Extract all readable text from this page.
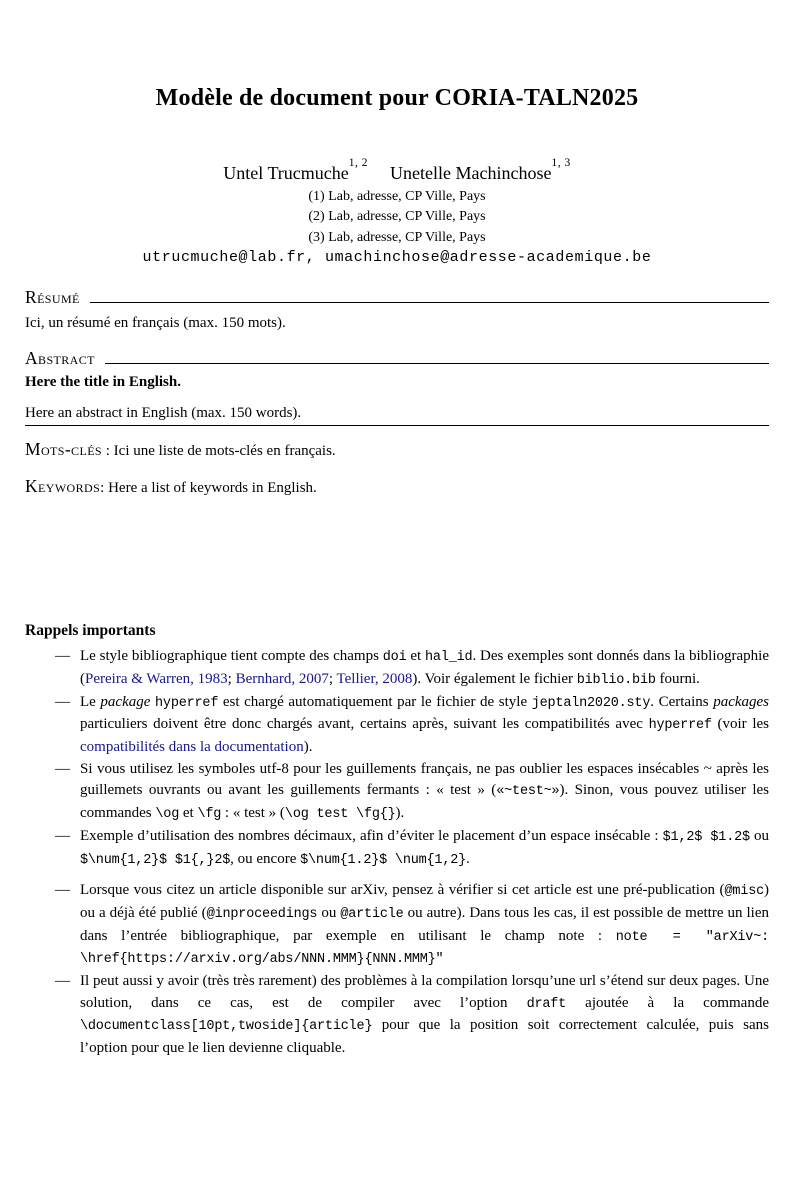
Modèle de document pour CORIA-TALN2025
Untel Trucmuche$^{1, 2}$ Unetelle Machinchose$^{1, 3}$
(1) Lab, adresse, CP Ville, Pays
(2) Lab, adresse, CP Ville, Pays
(3) Lab, adresse, CP Ville, Pays
utrucmuche@lab.fr, umachinchose@adresse-academique.be
Résumé
Ici, un résumé en français (max. 150 mots).
Abstract
Here the title in English.
Here an abstract in English (max. 150 words).
Mots-clés : Ici une liste de mots-clés en français.
Keywords: Here a list of keywords in English.
Rappels importants
— Le style bibliographique tient compte des champs doi et hal_id. Des exemples sont donnés dans la bibliographie (Pereira & Warren, 1983; Bernhard, 2007; Tellier, 2008). Voir également le fichier biblio.bib fourni.
— Le package hyperref est chargé automatiquement par le fichier de style jeptaln2020.sty. Certains packages particuliers doivent être donc chargés avant, certains après, suivant les compatibilités avec hyperref (voir les compatibilités dans la documentation).
— Si vous utilisez les symboles utf-8 pour les guillements français, ne pas oublier les espaces insécables ~ après les guillemets ouvrants ou avant les guillements fermants : « test » («~test~»). Sinon, vous pouvez utiliser les commandes \og et \fg : « test » (\og test \fg{}).
— Exemple d’utilisation des nombres décimaux, afin d’éviter le placement d’un espace insécable : $1,2$ $1.2$ ou $\num{1,2}$ $1{,}2$, ou encore $\num{1.2}$ \num{1,2}.
— Lorsque vous citez un article disponible sur arXiv, pensez à vérifier si cet article est une pré-publication (@misc) ou a déjà été publié (@inproceedings ou @article ou autre). Dans tous les cas, il est possible de mettre un lien dans l’entrée bibliographique, par exemple en utilisant le champ note : note = "arXiv~: \href{https://arxiv.org/abs/NNN.MMM}{NNN.MMM}"
— Il peut aussi y avoir (très très rarement) des problèmes à la compilation lorsqu’une url s’étend sur deux pages. Une solution, dans ce cas, est de compiler avec l’option draft ajoutée à la commande \documentclass[10pt,twoside]{article} pour que la position soit correctement calculée, puis sans l’option pour que le lien devienne cliquable.
